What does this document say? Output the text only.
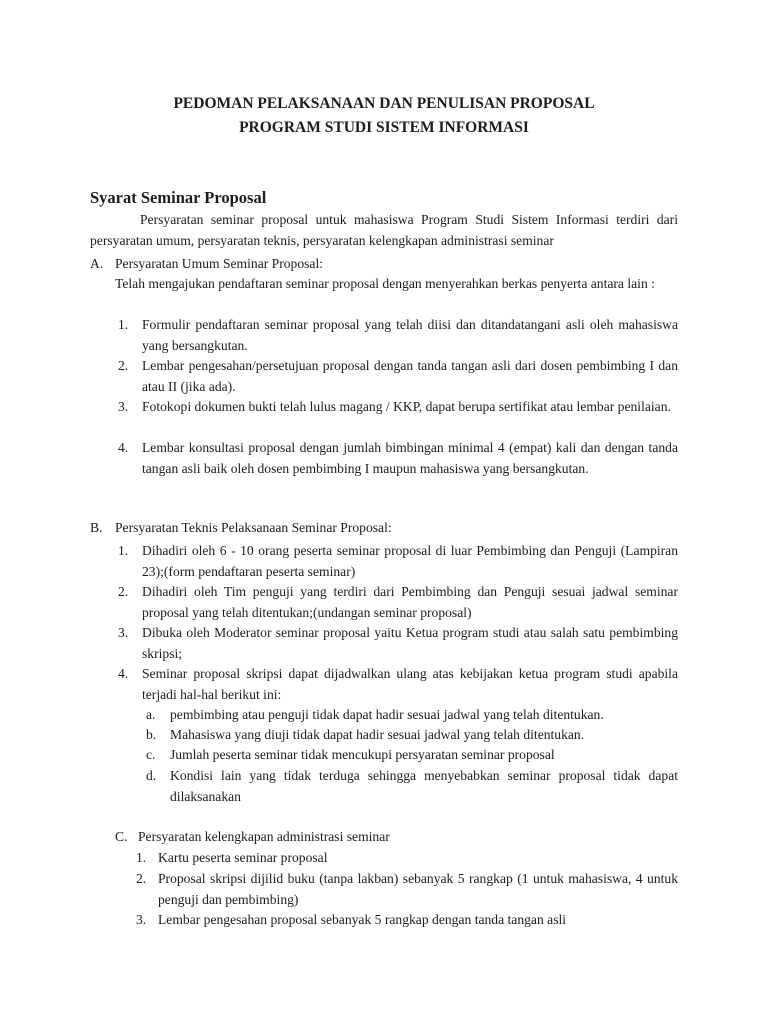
PEDOMAN PELAKSANAAN DAN PENULISAN PROPOSAL
PROGRAM STUDI SISTEM INFORMASI
Syarat Seminar Proposal
Persyaratan seminar proposal untuk mahasiswa Program Studi Sistem Informasi terdiri dari persyaratan umum, persyaratan teknis, persyaratan kelengkapan administrasi seminar
A. Persyaratan Umum Seminar Proposal:
Telah mengajukan pendaftaran seminar proposal dengan menyerahkan berkas penyerta antara lain :
1. Formulir pendaftaran seminar proposal yang telah diisi dan ditandatangani asli oleh mahasiswa yang bersangkutan.
2. Lembar pengesahan/persetujuan proposal dengan tanda tangan asli dari dosen pembimbing I dan atau II (jika ada).
3. Fotokopi dokumen bukti telah lulus magang / KKP, dapat berupa sertifikat atau lembar penilaian.
4. Lembar konsultasi proposal dengan jumlah bimbingan minimal 4 (empat) kali dan dengan tanda tangan asli baik oleh dosen pembimbing I maupun mahasiswa yang bersangkutan.
B. Persyaratan Teknis Pelaksanaan Seminar Proposal:
1. Dihadiri oleh 6 - 10 orang peserta seminar proposal di luar Pembimbing dan Penguji (Lampiran 23);(form pendaftaran peserta seminar)
2. Dihadiri oleh Tim penguji yang terdiri dari Pembimbing dan Penguji sesuai jadwal seminar proposal yang telah ditentukan;(undangan seminar proposal)
3. Dibuka oleh Moderator seminar proposal yaitu Ketua program studi atau salah satu pembimbing skripsi;
4. Seminar proposal skripsi dapat dijadwalkan ulang atas kebijakan ketua program studi apabila terjadi hal-hal berikut ini:
a. pembimbing atau penguji tidak dapat hadir sesuai jadwal yang telah ditentukan.
b. Mahasiswa yang diuji tidak dapat hadir sesuai jadwal yang telah ditentukan.
c. Jumlah peserta seminar tidak mencukupi persyaratan seminar proposal
d. Kondisi lain yang tidak terduga sehingga menyebabkan seminar proposal tidak dapat dilaksanakan
C. Persyaratan kelengkapan administrasi seminar
1. Kartu peserta seminar proposal
2. Proposal skripsi dijilid buku (tanpa lakban) sebanyak 5 rangkap (1 untuk mahasiswa, 4 untuk penguji dan pembimbing)
3. Lembar pengesahan proposal sebanyak 5 rangkap dengan tanda tangan asli
